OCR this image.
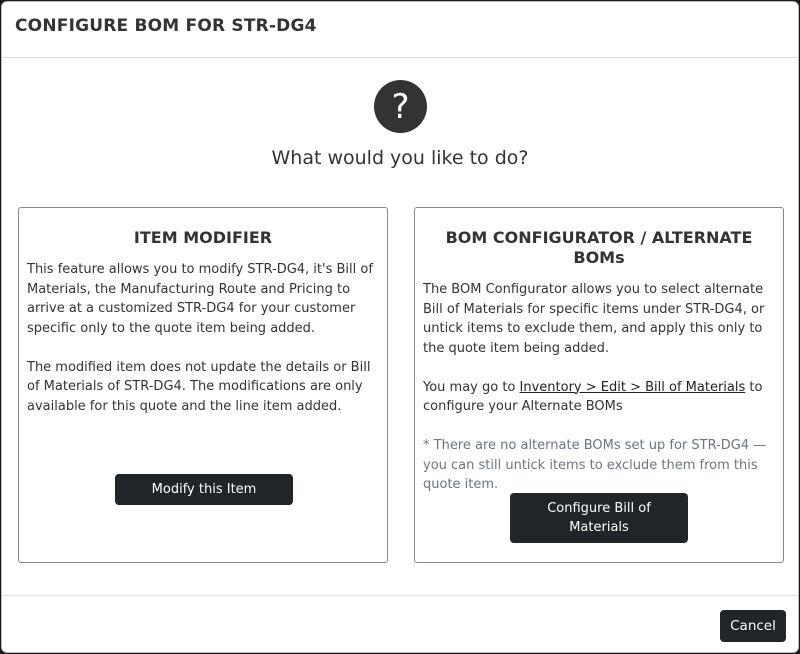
CONFIGURE BOM FOR STR-DG4
?
What would you like to do?
ITEM MODIFIER

This feature allows you to modify STR-DG4, it's Bill of Materials, the Manufacturing Route and Pricing to arrive at a customized STR-DG4 for your customer specific only to the quote item being added.

The modified item does not update the details or Bill of Materials of STR-DG4. The modifications are only available for this quote and the line item added.

Modify this Item
BOM CONFIGURATOR / ALTERNATE BOMs

The BOM Configurator allows you to select alternate Bill of Materials for specific items under STR-DG4, or untick items to exclude them, and apply this only to the quote item being added.

You may go to Inventory > Edit > Bill of Materials to configure your Alternate BOMs

* There are no alternate BOMs set up for STR-DG4 — you can still untick items to exclude them from this quote item.

Configure Bill of Materials
Cancel
